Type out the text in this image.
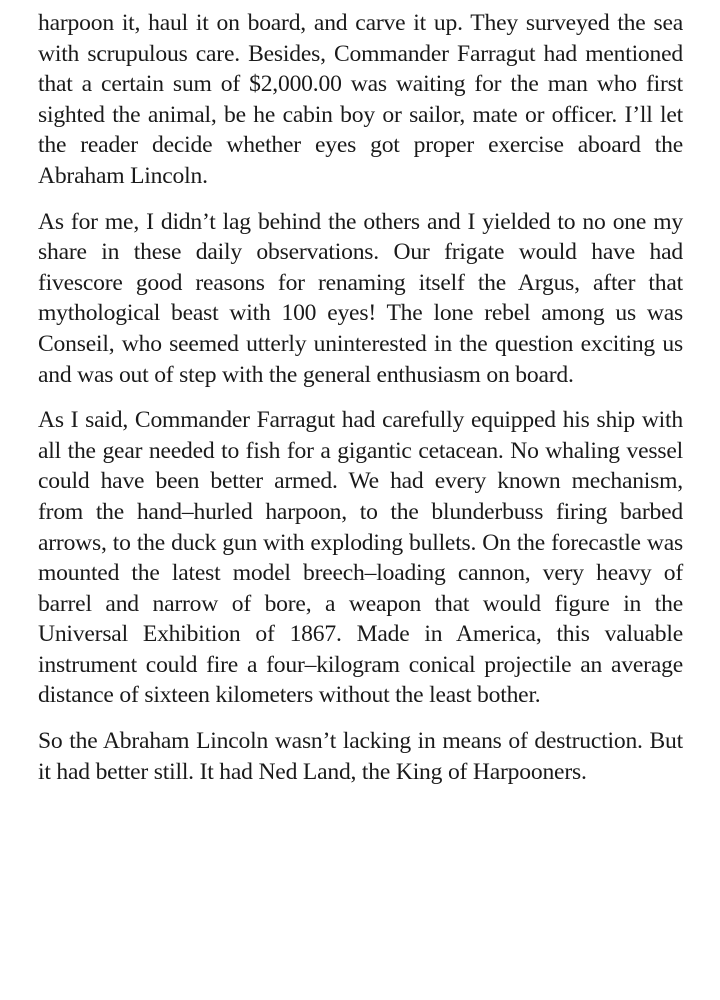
harpoon it, haul it on board, and carve it up. They surveyed the sea with scrupulous care. Besides, Commander Farragut had mentioned that a certain sum of $2,000.00 was waiting for the man who first sighted the animal, be he cabin boy or sailor, mate or officer. I’ll let the reader decide whether eyes got proper exercise aboard the Abraham Lincoln.

As for me, I didn’t lag behind the others and I yielded to no one my share in these daily observations. Our frigate would have had fivescore good reasons for renaming itself the Argus, after that mythological beast with 100 eyes! The lone rebel among us was Conseil, who seemed utterly uninterested in the question exciting us and was out of step with the general enthusiasm on board.

As I said, Commander Farragut had carefully equipped his ship with all the gear needed to fish for a gigantic cetacean. No whaling vessel could have been better armed. We had every known mechanism, from the hand–hurled harpoon, to the blunderbuss firing barbed arrows, to the duck gun with exploding bullets. On the forecastle was mounted the latest model breech–loading cannon, very heavy of barrel and narrow of bore, a weapon that would figure in the Universal Exhibition of 1867. Made in America, this valuable instrument could fire a four–kilogram conical projectile an average distance of sixteen kilometers without the least bother.

So the Abraham Lincoln wasn’t lacking in means of destruction. But it had better still. It had Ned Land, the King of Harpooners.
